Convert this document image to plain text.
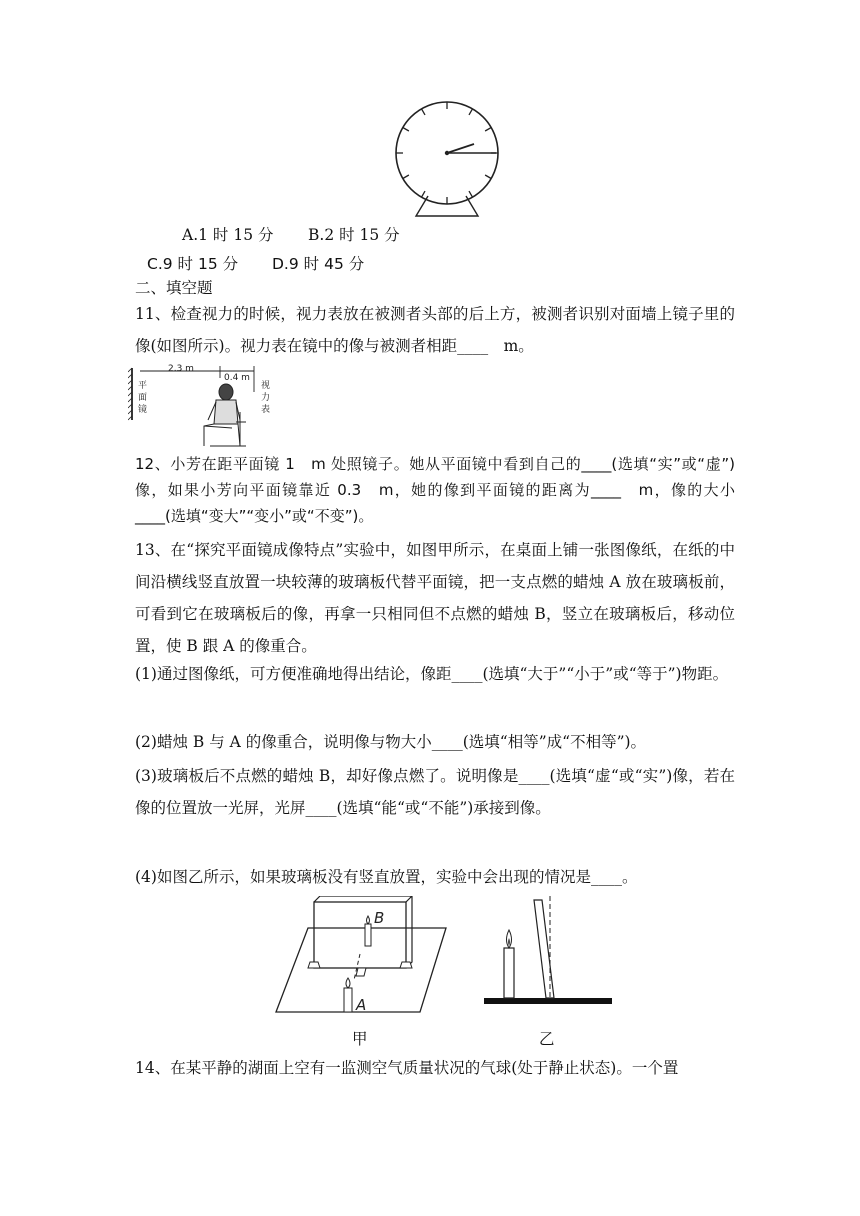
A.1 时 15 分 B.2 时 15 分
C.9 时 15 分 D.9 时 45 分
二、填空题
11、检查视力的时候，视力表放在被测者头部的后上方，被测者识别对面墙上镜子里的像(如图所示)。视力表在镜中的像与被测者相距____　m。
2.3 m
0.4 m
平
面
镜
视
力
表
12、小芳在距平面镜 1　m 处照镜子。她从平面镜中看到自己的____(选填“实”或“虚”)像，如果小芳向平面镜靠近 0.3　m，她的像到平面镜的距离为____　m，像的大小____(选填“变大”“变小”或“不变”)。
13、在“探究平面镜成像特点”实验中，如图甲所示，在桌面上铺一张图像纸，在纸的中间沿横线竖直放置一块较薄的玻璃板代替平面镜，把一支点燃的蜡烛 A 放在玻璃板前，可看到它在玻璃板后的像，再拿一只相同但不点燃的蜡烛 B，竖立在玻璃板后，移动位置，使 B 跟 A 的像重合。
(1)通过图像纸，可方便准确地得出结论，像距____(选填“大于”“小于”或“等于”)物距。
(2)蜡烛 B 与 A 的像重合，说明像与物大小____(选填“相等”成“不相等”)。
(3)玻璃板后不点燃的蜡烛 B，却好像点燃了。说明像是____(选填“虚“或“实”)像，若在像的位置放一光屏，光屏____(选填“能“或“不能”)承接到像。
(4)如图乙所示，如果玻璃板没有竖直放置，实验中会出现的情况是____。
B
A
甲	乙
14、在某平静的湖面上空有一监测空气质量状况的气球(处于静止状态)。一个置
